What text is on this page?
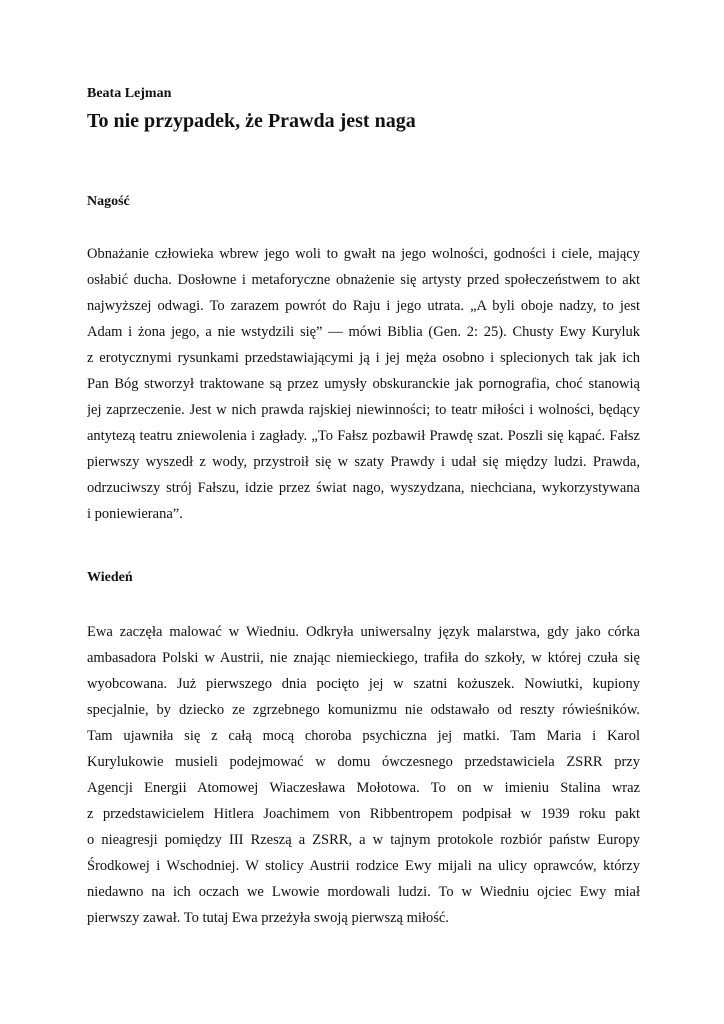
Beata Lejman
To nie przypadek, że Prawda jest naga
Nagość
Obnażanie człowieka wbrew jego woli to gwałt na jego wolności, godności i ciele, mający
osłabić ducha. Dosłowne i metaforyczne obnażenie się artysty przed społeczeństwem to akt
najwyższej odwagi. To zarazem powrót do Raju i jego utrata. „A byli oboje nadzy, to jest
Adam i żona jego, a nie wstydzili się” — mówi Biblia (Gen. 2: 25). Chusty Ewy Kuryluk
z erotycznymi rysunkami przedstawiającymi ją i jej męża osobno i splecionych tak jak ich
Pan Bóg stworzył traktowane są przez umysły obskuranckie jak pornografia, choć stanowią
jej zaprzeczenie. Jest w nich prawda rajskiej niewinności; to teatr miłości i wolności, będący
antytezą teatru zniewolenia i zagłady. „To Fałsz pozbawił Prawdę szat. Poszli się kąpać. Fałsz
pierwszy wyszedł z wody, przystroił się w szaty Prawdy i udał się między ludzi. Prawda,
odrzuciwszy strój Fałszu, idzie przez świat nago, wyszydzana, niechciana, wykorzystywana
i poniewierana”.
Wiedeń
Ewa zaczęła malować w Wiedniu. Odkryła uniwersalny język malarstwa, gdy jako córka
ambasadora Polski w Austrii, nie znając niemieckiego, trafiła do szkoły, w której czuła się
wyobcowana. Już pierwszego dnia pocięto jej w szatni kożuszek. Nowiutki, kupiony
specjalnie, by dziecko ze zgrzebnego komunizmu nie odstawało od reszty rówieśników.
Tam ujawniła się z całą mocą choroba psychiczna jej matki. Tam Maria i Karol
Kurylukowie musieli podejmować w domu ówczesnego przedstawiciela ZSRR przy
Agencji Energii Atomowej Wiaczesława Mołotowa. To on w imieniu Stalina wraz
z przedstawicielem Hitlera Joachimem von Ribbentropem podpisał w 1939 roku pakt
o nieagresji pomiędzy III Rzeszą a ZSRR, a w tajnym protokole rozbiór państw Europy
Środkowej i Wschodniej. W stolicy Austrii rodzice Ewy mijali na ulicy oprawców, którzy
niedawno na ich oczach we Lwowie mordowali ludzi. To w Wiedniu ojciec Ewy miał
pierwszy zawał. To tutaj Ewa przeżyła swoją pierwszą miłość.
